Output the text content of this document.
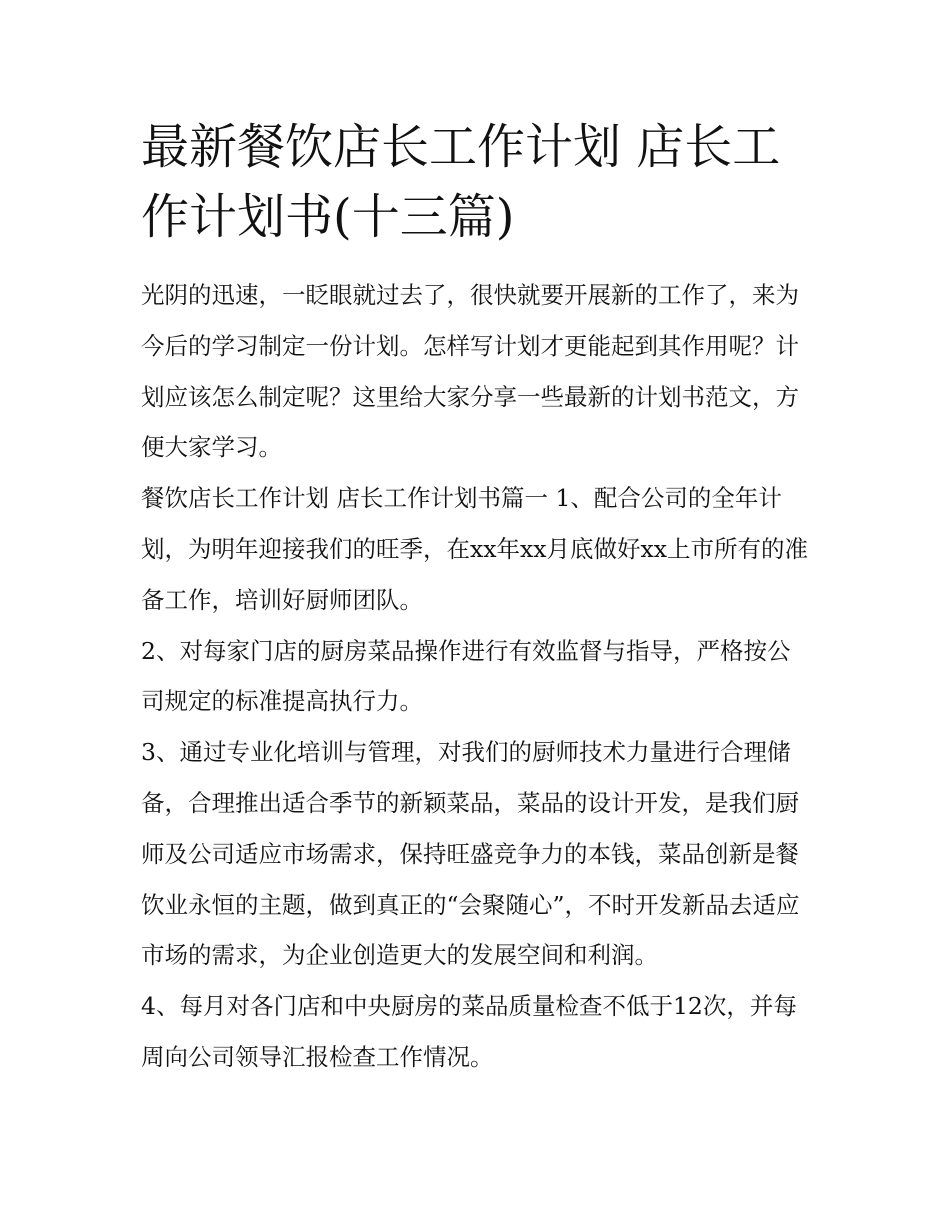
最新餐饮店长工作计划 店长工作计划书(十三篇)

光阴的迅速，一眨眼就过去了，很快就要开展新的工作了，来为今后的学习制定一份计划。怎样写计划才更能起到其作用呢？计划应该怎么制定呢？这里给大家分享一些最新的计划书范文，方便大家学习。

餐饮店长工作计划 店长工作计划书篇一 1、配合公司的全年计划，为明年迎接我们的旺季，在xx年xx月底做好xx上市所有的准备工作，培训好厨师团队。

2、对每家门店的厨房菜品操作进行有效监督与指导，严格按公司规定的标准提高执行力。

3、通过专业化培训与管理，对我们的厨师技术力量进行合理储备，合理推出适合季节的新颖菜品，菜品的设计开发，是我们厨师及公司适应市场需求，保持旺盛竞争力的本钱，菜品创新是餐饮业永恒的主题，做到真正的“会聚随心”，不时开发新品去适应市场的需求，为企业创造更大的发展空间和利润。

4、每月对各门店和中央厨房的菜品质量检查不低于12次，并每周向公司领导汇报检查工作情况。
